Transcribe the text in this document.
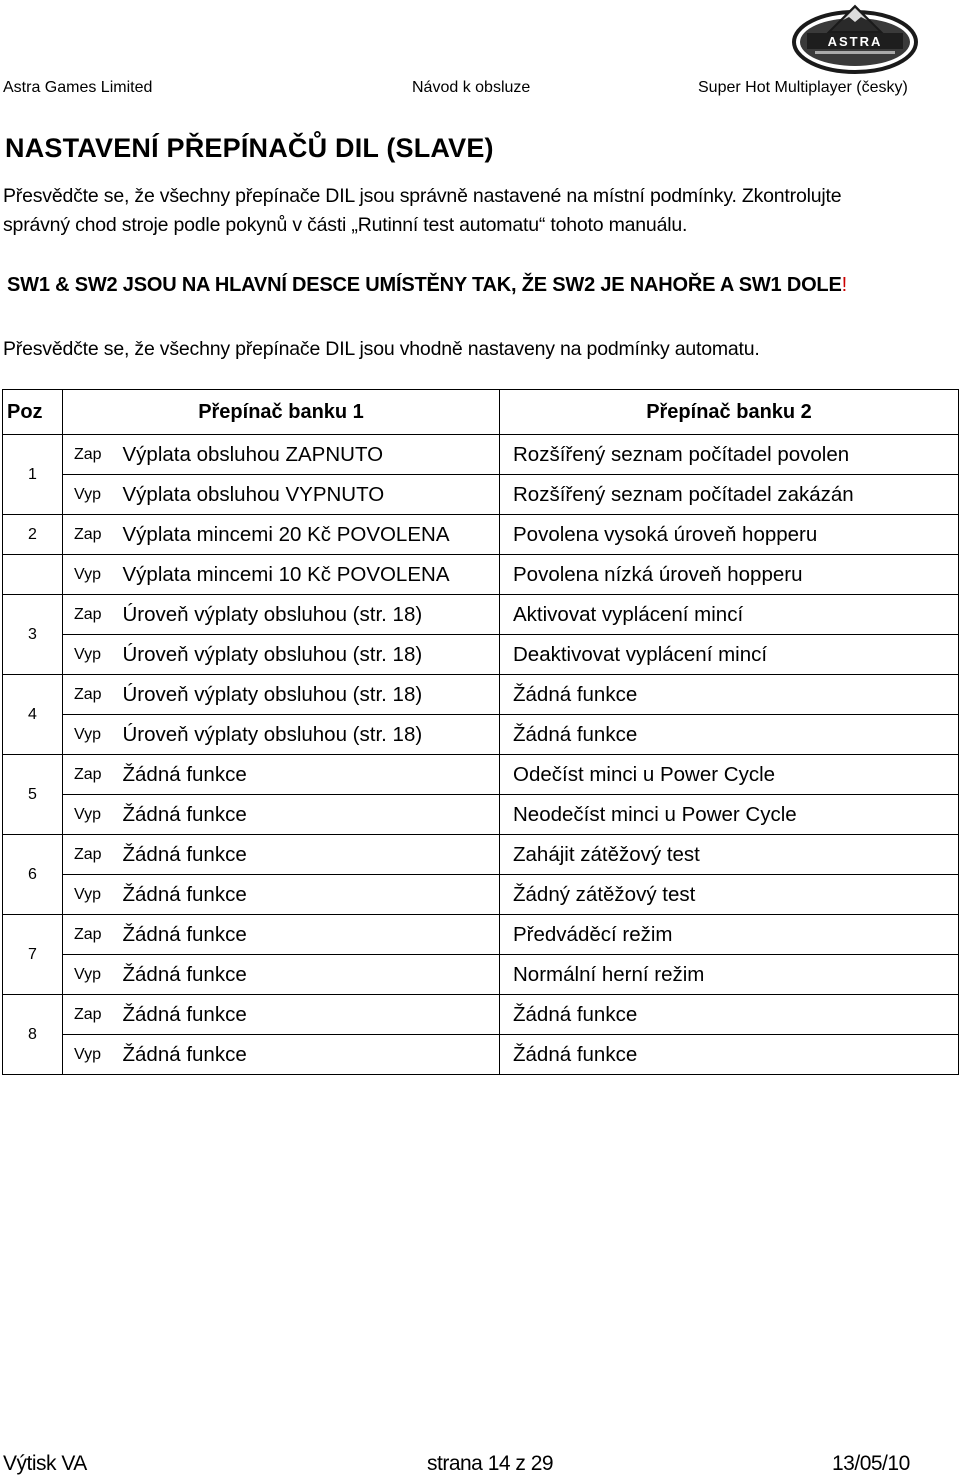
ASTRA
Astra Games Limited	Návod k obsluze	Super Hot Multiplayer (česky)
NASTAVENÍ PŘEPÍNAČŮ DIL (SLAVE)
Přesvědčte se, že všechny přepínače DIL jsou správně nastavené na místní podmínky. Zkontrolujte správný chod stroje podle pokynů v části „Rutinní test automatu“ tohoto manuálu.
SW1 & SW2 JSOU NA HLAVNÍ DESCE UMÍSTĚNY TAK, ŽE SW2 JE NAHOŘE A SW1 DOLE!
Přesvědčte se, že všechny přepínače DIL jsou vhodně nastaveny na podmínky automatu.
Poz	Přepínač banku 1		Přepínač banku 2
1	Zap	Výplata obsluhou ZAPNUTO	Rozšířený seznam počítadel povolen
	Vyp	Výplata obsluhou VYPNUTO	Rozšířený seznam počítadel zakázán
2	Zap	Výplata mincemi 20 Kč POVOLENA	Povolena vysoká úroveň hopperu
	Vyp	Výplata mincemi 10 Kč POVOLENA	Povolena nízká úroveň hopperu
3	Zap	Úroveň výplaty obsluhou (str. 18)	Aktivovat vyplácení mincí
	Vyp	Úroveň výplaty obsluhou (str. 18)	Deaktivovat vyplácení mincí
4	Zap	Úroveň výplaty obsluhou (str. 18)	Žádná funkce
	Vyp	Úroveň výplaty obsluhou (str. 18)	Žádná funkce
5	Zap	Žádná funkce	Odečíst minci u Power Cycle
	Vyp	Žádná funkce	Neodečíst minci u Power Cycle
6	Zap	Žádná funkce	Zahájit zátěžový test
	Vyp	Žádná funkce	Žádný zátěžový test
7	Zap	Žádná funkce	Předváděcí režim
	Vyp	Žádná funkce	Normální herní režim
8	Zap	Žádná funkce	Žádná funkce
	Vyp	Žádná funkce	Žádná funkce
Výtisk VA	strana 14 z 29	13/05/10
